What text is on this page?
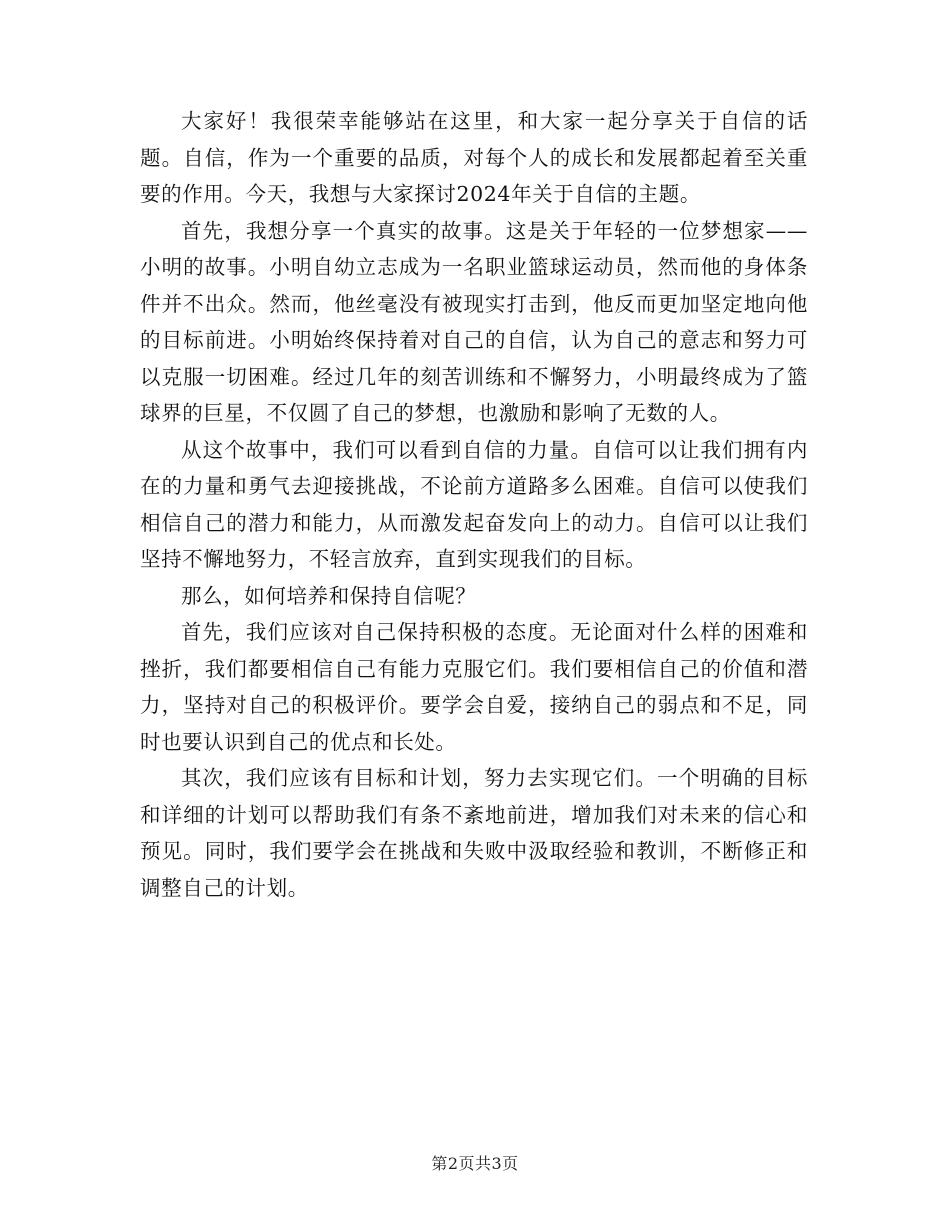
大家好！我很荣幸能够站在这里，和大家一起分享关于自信的话题。自信，作为一个重要的品质，对每个人的成长和发展都起着至关重要的作用。今天，我想与大家探讨2024年关于自信的主题。

首先，我想分享一个真实的故事。这是关于年轻的一位梦想家——小明的故事。小明自幼立志成为一名职业篮球运动员，然而他的身体条件并不出众。然而，他丝毫没有被现实打击到，他反而更加坚定地向他的目标前进。小明始终保持着对自己的自信，认为自己的意志和努力可以克服一切困难。经过几年的刻苦训练和不懈努力，小明最终成为了篮球界的巨星，不仅圆了自己的梦想，也激励和影响了无数的人。

从这个故事中，我们可以看到自信的力量。自信可以让我们拥有内在的力量和勇气去迎接挑战，不论前方道路多么困难。自信可以使我们相信自己的潜力和能力，从而激发起奋发向上的动力。自信可以让我们坚持不懈地努力，不轻言放弃，直到实现我们的目标。

那么，如何培养和保持自信呢？

首先，我们应该对自己保持积极的态度。无论面对什么样的困难和挫折，我们都要相信自己有能力克服它们。我们要相信自己的价值和潜力，坚持对自己的积极评价。要学会自爱，接纳自己的弱点和不足，同时也要认识到自己的优点和长处。

其次，我们应该有目标和计划，努力去实现它们。一个明确的目标和详细的计划可以帮助我们有条不紊地前进，增加我们对未来的信心和预见。同时，我们要学会在挑战和失败中汲取经验和教训，不断修正和调整自己的计划。

第2页共3页
